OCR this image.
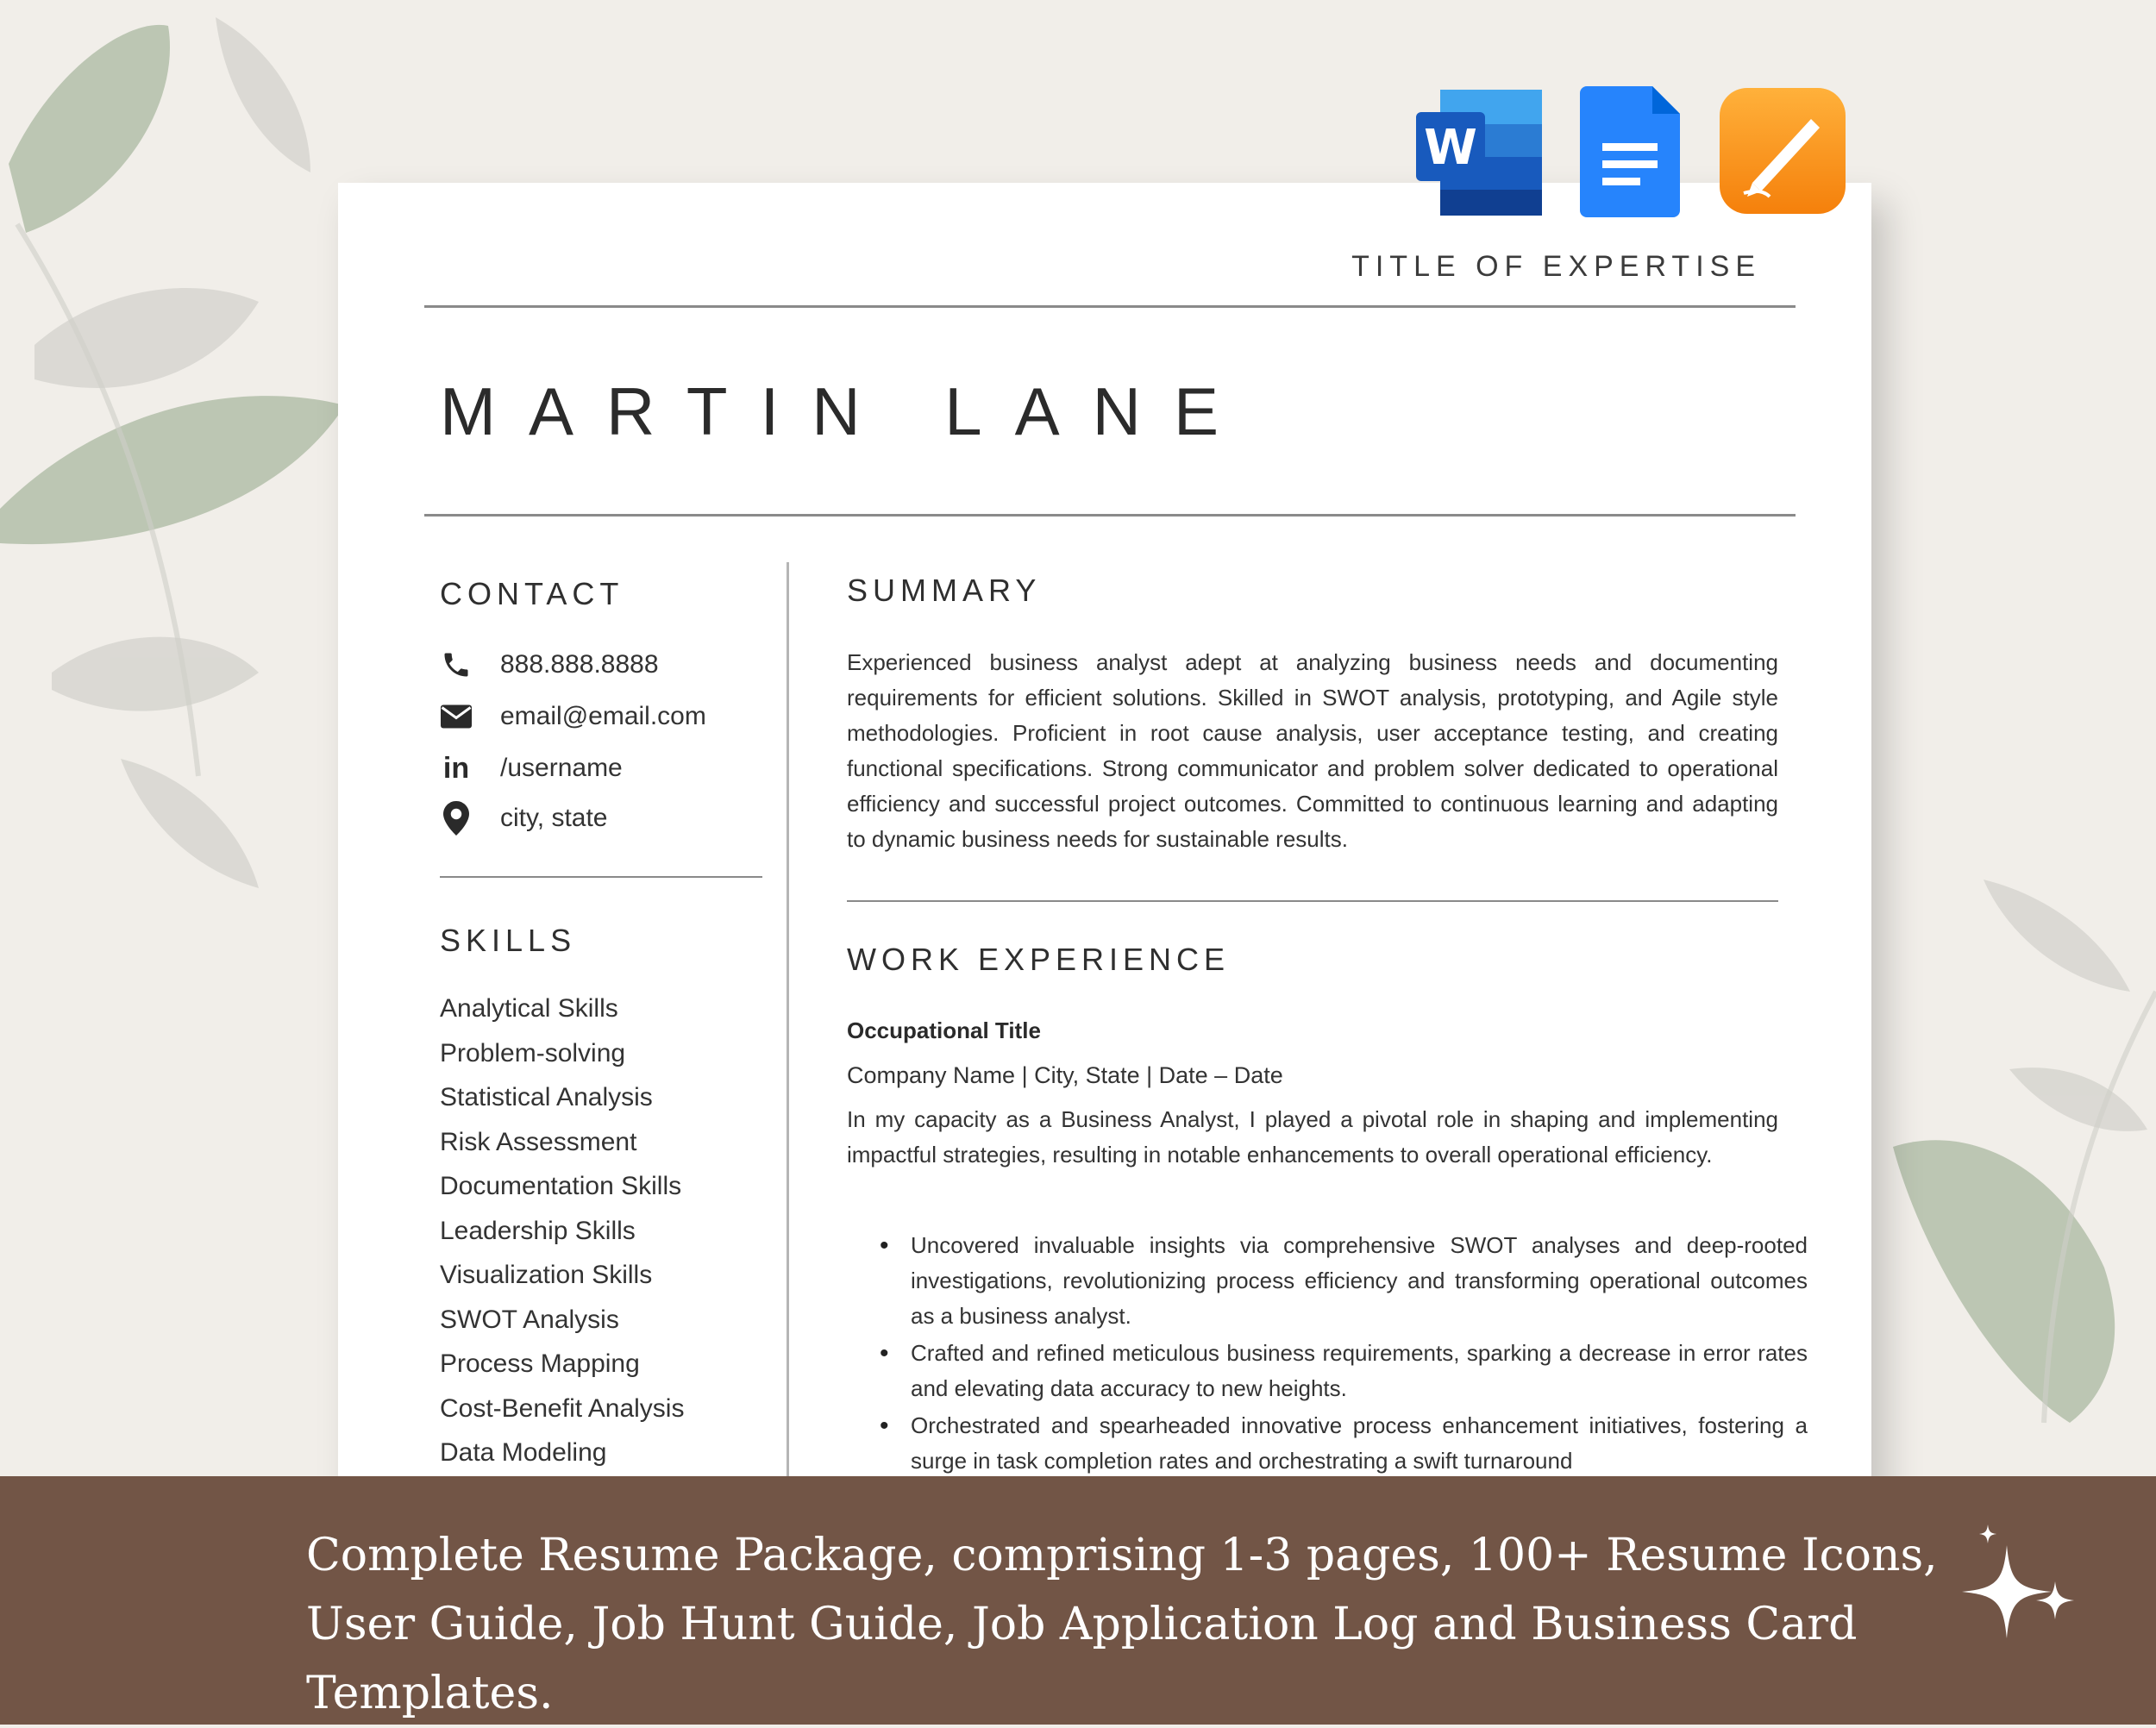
TITLE OF EXPERTISE
MARTIN LANE
CONTACT
888.888.8888
email@email.com
in /username
city, state
SKILLS
Analytical Skills
Problem-solving
Statistical Analysis
Risk Assessment
Documentation Skills
Leadership Skills
Visualization Skills
SWOT Analysis
Process Mapping
Cost-Benefit Analysis
Data Modeling
SUMMARY

Experienced business analyst adept at analyzing business needs and documenting requirements for efficient solutions. Skilled in SWOT analysis, prototyping, and Agile style methodologies. Proficient in root cause analysis, user acceptance testing, and creating functional specifications. Strong communicator and problem solver dedicated to operational efficiency and successful project outcomes. Committed to continuous learning and adapting to dynamic business needs for sustainable results.

WORK EXPERIENCE
Occupational Title
Company Name | City, State | Date – Date

In my capacity as a Business Analyst, I played a pivotal role in shaping and implementing impactful strategies, resulting in notable enhancements to overall operational efficiency.

• Uncovered invaluable insights via comprehensive SWOT analyses and deep-rooted investigations, revolutionizing process efficiency and transforming operational outcomes as a business analyst.
• Crafted and refined meticulous business requirements, sparking a decrease in error rates and elevating data accuracy to new heights.
• Orchestrated and spearheaded innovative process enhancement initiatives, fostering a surge in task completion rates and orchestrating a swift turnaround
W
Complete Resume Package, comprising 1-3 pages, 100+ Resume Icons, User Guide, Job Hunt Guide, Job Application Log and Business Card Templates.
